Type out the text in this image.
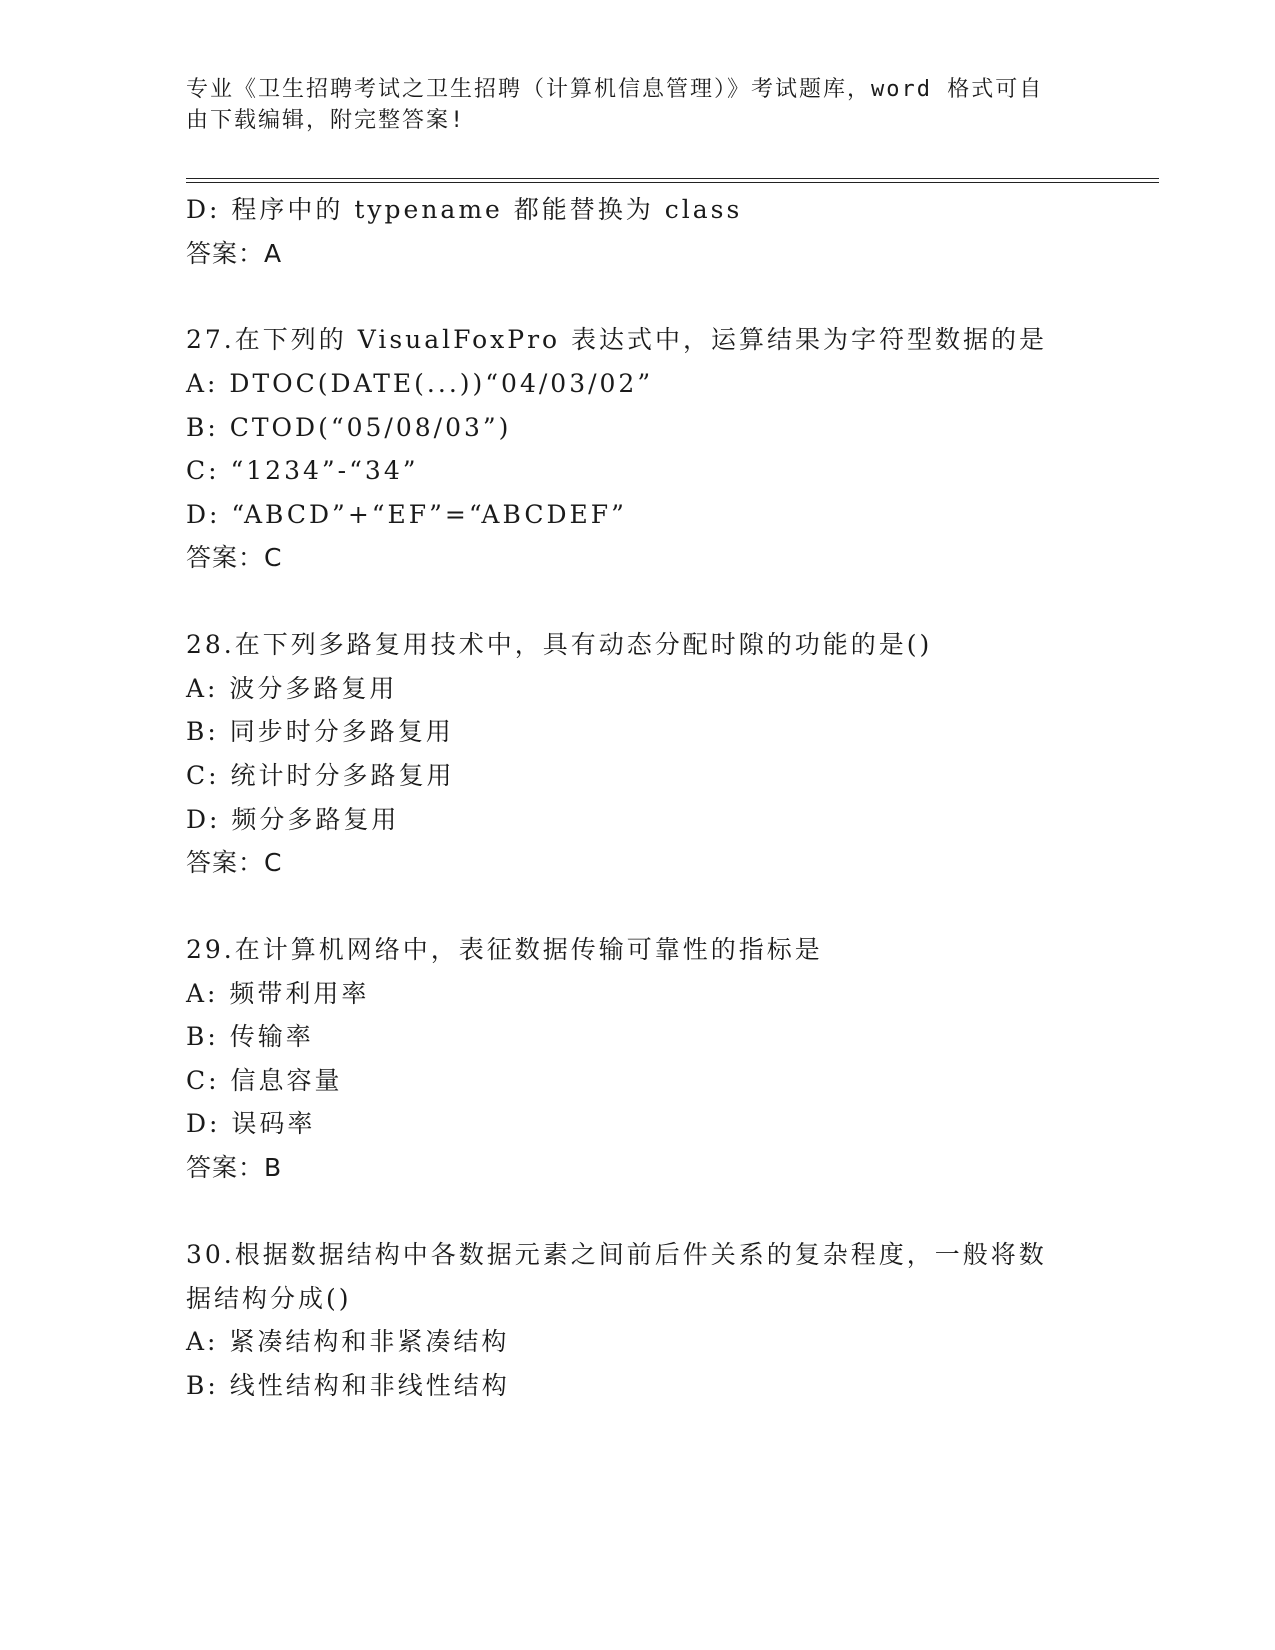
专业《卫生招聘考试之卫生招聘（计算机信息管理）》考试题库，word 格式可自
由下载编辑，附完整答案!
D: 程序中的 typename 都能替换为 class
答案：A
27.在下列的 VisualFoxPro 表达式中，运算结果为字符型数据的是
A: DTOC(DATE(...))“04/03/02”
B: CTOD(“05/08/03”)
C: “1234”-“34”
D: “ABCD”+“EF”=“ABCDEF”
答案：C
28.在下列多路复用技术中，具有动态分配时隙的功能的是()
A: 波分多路复用
B: 同步时分多路复用
C: 统计时分多路复用
D: 频分多路复用
答案：C
29.在计算机网络中，表征数据传输可靠性的指标是
A: 频带利用率
B: 传输率
C: 信息容量
D: 误码率
答案：B
30.根据数据结构中各数据元素之间前后件关系的复杂程度，一般将数
据结构分成()
A: 紧凑结构和非紧凑结构
B: 线性结构和非线性结构
